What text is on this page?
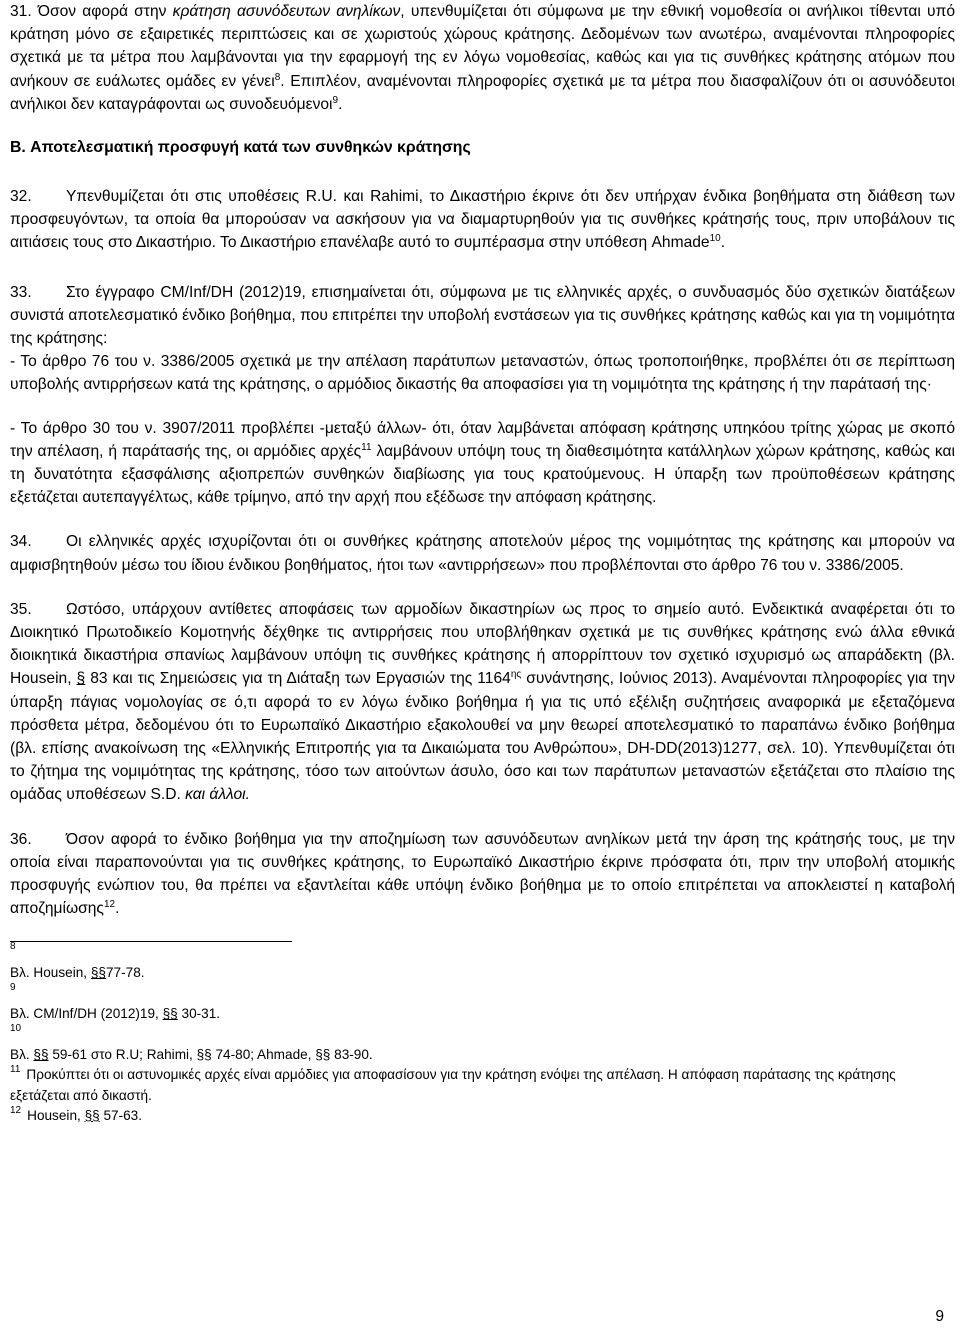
31. Όσον αφορά στην κράτηση ασυνόδευτων ανηλίκων, υπενθυμίζεται ότι σύμφωνα με την εθνική νομοθεσία οι ανήλικοι τίθενται υπό κράτηση μόνο σε εξαιρετικές περιπτώσεις και σε χωριστούς χώρους κράτησης. Δεδομένων των ανωτέρω, αναμένονται πληροφορίες σχετικά με τα μέτρα που λαμβάνονται για την εφαρμογή της εν λόγω νομοθεσίας, καθώς και για τις συνθήκες κράτησης ατόμων που ανήκουν σε ευάλωτες ομάδες εν γένει$^8$. Επιπλέον, αναμένονται πληροφορίες σχετικά με τα μέτρα που διασφαλίζουν ότι οι ασυνόδευτοι ανήλικοι δεν καταγράφονται ως συνοδευόμενοι$^9$.

B. Αποτελεσματική προσφυγή κατά των συνθηκών κράτησης

32. Υπενθυμίζεται ότι στις υποθέσεις R.U. και Rahimi, το Δικαστήριο έκρινε ότι δεν υπήρχαν ένδικα βοηθήματα στη διάθεση των προσφευγόντων, τα οποία θα μπορούσαν να ασκήσουν για να διαμαρτυρηθούν για τις συνθήκες κράτησής τους, πριν υποβάλουν τις αιτιάσεις τους στο Δικαστήριο. Το Δικαστήριο επανέλαβε αυτό το συμπέρασμα στην υπόθεση Ahmade$^{10}$.

33. Στο έγγραφο CM/Inf/DH (2012)19, επισημαίνεται ότι, σύμφωνα με τις ελληνικές αρχές, ο συνδυασμός δύο σχετικών διατάξεων συνιστά αποτελεσματικό ένδικο βοήθημα, που επιτρέπει την υποβολή ενστάσεων για τις συνθήκες κράτησης καθώς και για τη νομιμότητα της κράτησης:

- Το άρθρο 76 του ν. 3386/2005 σχετικά με την απέλαση παράτυπων μεταναστών, όπως τροποποιήθηκε, προβλέπει ότι σε περίπτωση υποβολής αντιρρήσεων κατά της κράτησης, ο αρμόδιος δικαστής θα αποφασίσει για τη νομιμότητα της κράτησης ή την παράτασή της·

- Το άρθρο 30 του ν. 3907/2011 προβλέπει -μεταξύ άλλων- ότι, όταν λαμβάνεται απόφαση κράτησης υπηκόου τρίτης χώρας με σκοπό την απέλαση, ή παράτασής της, οι αρμόδιες αρχές$^{11}$ λαμβάνουν υπόψη τους τη διαθεσιμότητα κατάλληλων χώρων κράτησης, καθώς και τη δυνατότητα εξασφάλισης αξιοπρεπών συνθηκών διαβίωσης για τους κρατούμενους. Η ύπαρξη των προϋποθέσεων κράτησης εξετάζεται αυτεπαγγέλτως, κάθε τρίμηνο, από την αρχή που εξέδωσε την απόφαση κράτησης.

34. Οι ελληνικές αρχές ισχυρίζονται ότι οι συνθήκες κράτησης αποτελούν μέρος της νομιμότητας της κράτησης και μπορούν να αμφισβητηθούν μέσω του ίδιου ένδικου βοηθήματος, ήτοι των «αντιρρήσεων» που προβλέπονται στο άρθρο 76 του ν. 3386/2005.

35. Ωστόσο, υπάρχουν αντίθετες αποφάσεις των αρμοδίων δικαστηρίων ως προς το σημείο αυτό. Ενδεικτικά αναφέρεται ότι το Διοικητικό Πρωτοδικείο Κομοτηνής δέχθηκε τις αντιρρήσεις που υποβλήθηκαν σχετικά με τις συνθήκες κράτησης ενώ άλλα εθνικά διοικητικά δικαστήρια σπανίως λαμβάνουν υπόψη τις συνθήκες κράτησης ή απορρίπτουν τον σχετικό ισχυρισμό ως απαράδεκτη (βλ. Housein, § 83 και τις Σημειώσεις για τη Διάταξη των Εργασιών της $1164^{\eta\varsigma}$ συνάντησης, Ιούνιος 2013). Αναμένονται πληροφορίες για την ύπαρξη πάγιας νομολογίας σε ό,τι αφορά το εν λόγω ένδικο βοήθημα ή για τις υπό εξέλιξη συζητήσεις αναφορικά με εξεταζόμενα πρόσθετα μέτρα, δεδομένου ότι το Ευρωπαϊκό Δικαστήριο εξακολουθεί να μην θεωρεί αποτελεσματικό το παραπάνω ένδικο βοήθημα (βλ. επίσης ανακοίνωση της «Ελληνικής Επιτροπής για τα Δικαιώματα του Ανθρώπου», DH-DD(2013)1277, σελ. 10). Υπενθυμίζεται ότι το ζήτημα της νομιμότητας της κράτησης, τόσο των αιτούντων άσυλο, όσο και των παράτυπων μεταναστών εξετάζεται στο πλαίσιο της ομάδας υποθέσεων S.D. και άλλοι.

36. Όσον αφορά το ένδικο βοήθημα για την αποζημίωση των ασυνόδευτων ανηλίκων μετά την άρση της κράτησής τους, με την οποία είναι παραπονούνται για τις συνθήκες κράτησης, το Ευρωπαϊκό Δικαστήριο έκρινε πρόσφατα ότι, πριν την υποβολή ατομικής προσφυγής ενώπιον του, θα πρέπει να εξαντλείται κάθε υπόψη ένδικο βοήθημα με το οποίο επιτρέπεται να αποκλειστεί η καταβολή αποζημίωσης$^{12}$.

$^8$
Βλ. Housein, §§77-78.

$^9$
Βλ. CM/Inf/DH (2012)19, §§ 30-31.

$^{10}$
Βλ. §§ 59-61 στο R.U; Rahimi, §§ 74-80; Ahmade, §§ 83-90.

$^{11}$ Προκύπτει ότι οι αστυνομικές αρχές είναι αρμόδιες για αποφασίσουν για την κράτηση ενόψει της απέλαση. Η απόφαση παράτασης της κράτησης εξετάζεται από δικαστή.

$^{12}$ Housein, §§ 57-63.

9
